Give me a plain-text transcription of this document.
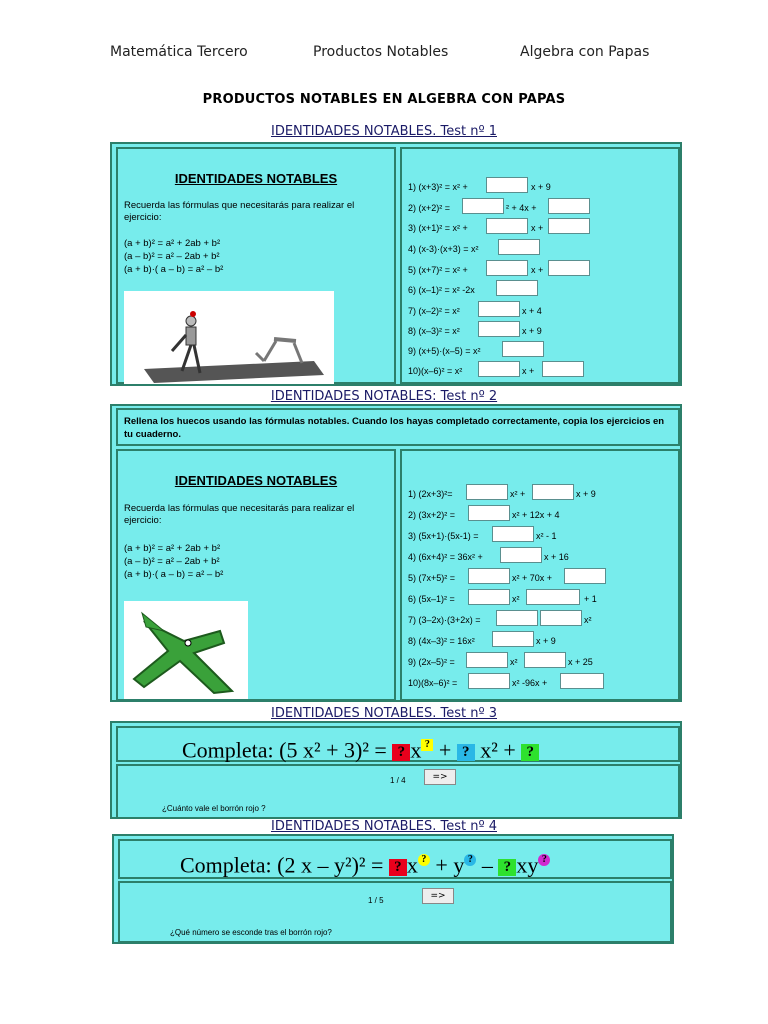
Matemática Tercero	Productos Notables	Algebra con Papas
PRODUCTOS NOTABLES EN ALGEBRA CON PAPAS
IDENTIDADES NOTABLES. Test nº 1
IDENTIDADES NOTABLES
Recuerda las fórmulas que necesitarás para realizar el ejercicio:
(a + b)² = a² + 2ab + b²
(a – b)² = a² – 2ab + b²
(a + b)·( a – b) = a² – b²
1) (x+3)² = x² +	x + 9
2) (x+2)² =	² + 4x +
3) (x+1)² = x² +	x +
4) (x-3)·(x+3) = x²
5) (x+7)² = x² +	x +
6) (x–1)² = x² -2x
7) (x–2)² = x²	x + 4
8) (x–3)² = x²	x + 9
9) (x+5)·(x–5) = x²
10)(x–6)² = x²	x +
IDENTIDADES NOTABLES: Test nº 2
Rellena los huecos usando las fórmulas notables. Cuando los hayas completado correctamente, copia los ejercicios en tu cuaderno.
IDENTIDADES NOTABLES
Recuerda las fórmulas que necesitarás para realizar el ejercicio:
(a + b)² = a² + 2ab + b²
(a – b)² = a² – 2ab + b²
(a + b)·( a – b) = a² – b²
1) (2x+3)²=	x² +	x + 9
2) (3x+2)² =	x² + 12x + 4
3) (5x+1)·(5x-1) =	x² - 1
4) (6x+4)² = 36x² +	x + 16
5) (7x+5)² =	x² + 70x +
6) (5x–1)² =	x²	+ 1
7) (3–2x)·(3+2x) =	x²
8) (4x–3)² = 16x²	x + 9
9) (2x–5)² =	x²	x + 25
10)(8x–6)² =	x² -96x +
IDENTIDADES NOTABLES. Test nº 3
Completa: (5 x² + 3)² = ? x ? + ? x² + ?
1 / 4	=>
¿Cuánto vale el borrón rojo ?
IDENTIDADES NOTABLES. Test nº 4
Completa: (2 x – y²)² = ? x ? + y ? – ? xy ?
1 / 5	=>
¿Qué número se esconde tras el borrón rojo?
